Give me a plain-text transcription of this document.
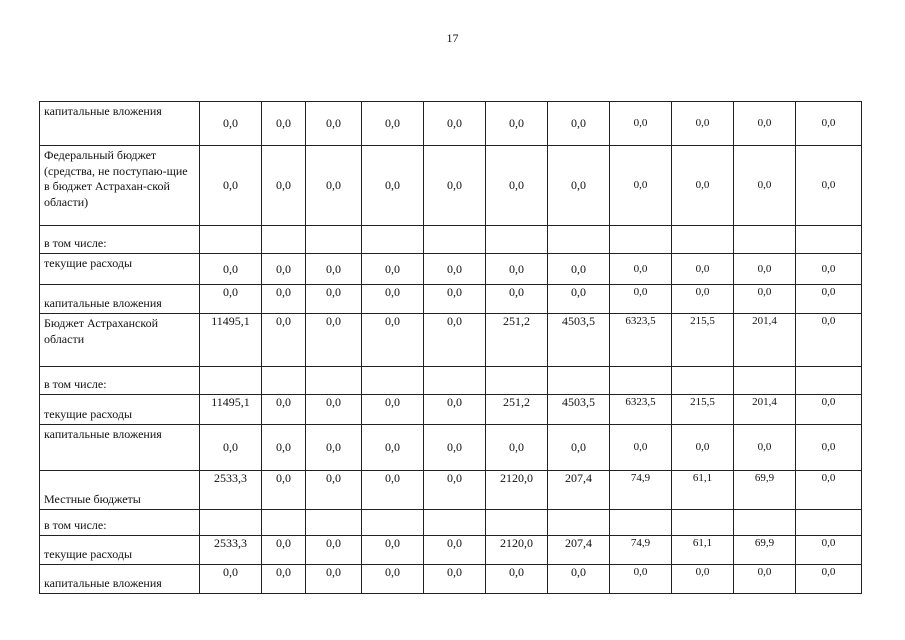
17
капитальные вложения	0,0	0,0	0,0	0,0	0,0	0,0	0,0	0,0	0,0	0,0	0,0
Федеральный бюджет (средства, не поступаю-щие в бюджет Астрахан-ской области)	0,0	0,0	0,0	0,0	0,0	0,0	0,0	0,0	0,0	0,0	0,0
в том числе:											
текущие расходы	0,0	0,0	0,0	0,0	0,0	0,0	0,0	0,0	0,0	0,0	0,0
капитальные вложения	0,0	0,0	0,0	0,0	0,0	0,0	0,0	0,0	0,0	0,0	0,0
Бюджет Астраханской области	11495,1	0,0	0,0	0,0	0,0	251,2	4503,5	6323,5	215,5	201,4	0,0
в том числе:											
текущие расходы	11495,1	0,0	0,0	0,0	0,0	251,2	4503,5	6323,5	215,5	201,4	0,0
капитальные вложения	0,0	0,0	0,0	0,0	0,0	0,0	0,0	0,0	0,0	0,0	0,0
Местные бюджеты	2533,3	0,0	0,0	0,0	0,0	2120,0	207,4	74,9	61,1	69,9	0,0
в том числе:											
текущие расходы	2533,3	0,0	0,0	0,0	0,0	2120,0	207,4	74,9	61,1	69,9	0,0
капитальные вложения	0,0	0,0	0,0	0,0	0,0	0,0	0,0	0,0	0,0	0,0	0,0
